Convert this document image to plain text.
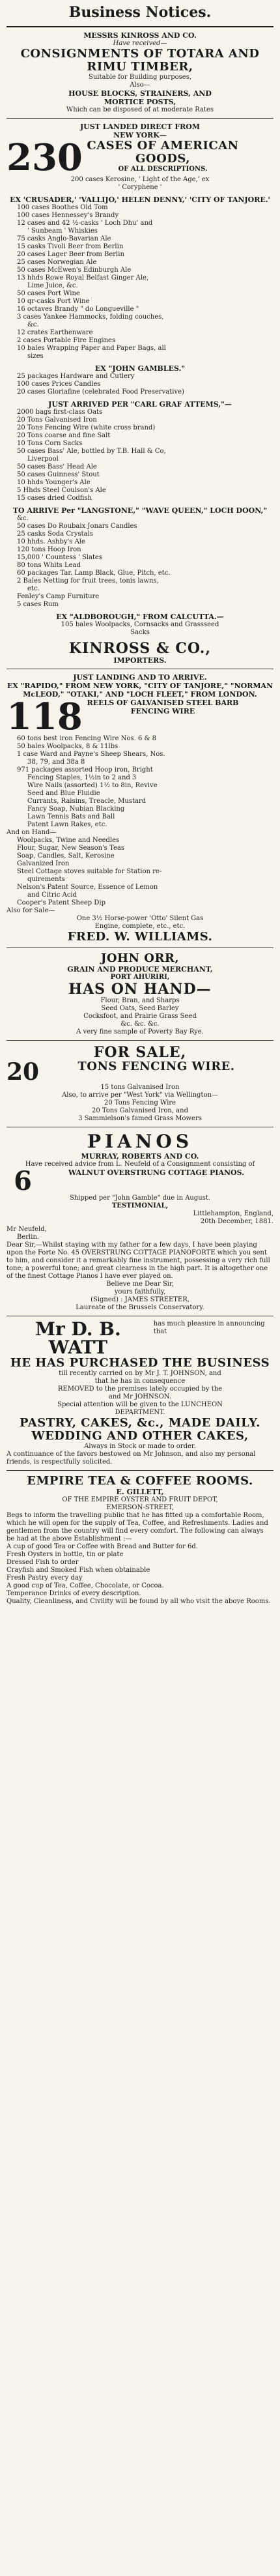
Business Notices.
MESSRS KINROSS AND CO.
Have received—
CONSIGNMENTS OF TOTARA AND
RIMU TIMBER,
Suitable for Building purposes,
Also—
HOUSE BLOCKS, STRAINERS, AND
MORTICE POSTS,
Which can be disposed of at moderate Rates
JUST LANDED DIRECT FROM
NEW YORK—
230 CASES OF AMERICAN
GOODS,
OF ALL DESCRIPTIONS.
200 cases Kerosine, ' Light of the Age,' ex
' Coryphene '
EX 'CRUSADER,' 'VALLIJO,' HELEN DENNY,' 'CITY OF TANJORE.'
100 cases Boothes Old Tom
100 cases Hennessey's Brandy
12 cases and 42 ½-casks ' Loch Dhu' and
' Sunbeam ' Whiskies
75 casks Anglo-Bavarian Ale
15 casks Tivoli Beer from Berlin
20 cases Lager Beer from Berlin
25 cases Norwegian Ale
50 cases McEwen's Edinburgh Ale
13 hhds Rowe Royal Belfast Ginger Ale,
Lime Juice, &c.
50 cases Port Wine
10 qr-casks Port Wine
16 octaves Brandy " do Longueville "
3 cases Yankee Hammocks, folding couches,
&c.
12 crates Earthenware
2 cases Portable Fire Engines
10 bales Wrapping Paper and Paper Bags, all
sizes
EX "JOHN GAMBLES."
25 packages Hardware and Cutlery
100 cases Prices Candles
20 cases Gloriafine (celebrated Food Preservative)
JUST ARRIVED PER "CARL GRAF ATTEMS,"—
2000 bags first-class Oats
20 Tons Galvanised Iron
20 Tons Fencing Wire (white cross brand)
20 Tons coarse and fine Salt
10 Tons Corn Sacks
50 cases Bass' Ale, bottled by T.B. Hall & Co,
Liverpool
50 cases Bass' Head Ale
50 cases Guinness' Stout
10 hhds Younger's Ale
5 Hhds Steel Coulson's Ale
15 cases dried Codfish
TO ARRIVE Per "LANGSTONE," "WAVE QUEEN," LOCH DOON,"
&c.
50 cases Do Roubaix Jonars Candles
25 casks Soda Crystals
10 hhds. Ashby's Ale
120 tons Hoop Iron
15,000 ' Countess ' Slates
80 tons Whits Lead
60 packages Tar. Lamp Black, Glue, Pitch, etc.
2 Bales Netting for fruit trees, tonis lawns,
etc.
Fenley's Camp Furniture
5 cases Rum
EX "ALDBOROUGH," FROM CALCUTTA.—
105 bales Woolpacks, Cornsacks and Grassseed
Sacks
KINROSS & CO.,
IMPORTERS.
JUST LANDING AND TO ARRIVE.
EX "RAPIDO," FROM NEW YORK, "CITY OF TANJORE," "NORMAN McLEOD," "OTAKI," AND "LOCH FLEET," FROM LONDON.
118 REELS OF GALVANISED STEEL BARB
FENCING WIRE
60 tons best iron Fencing Wire Nos. 6 & 8
50 bales Woolpacks, 8 & 11lbs
1 case Ward and Payne's Sheep Shears, Nos.
38, 79, and 38a 8
971 packages assorted Hoop iron, Bright
Fencing Staples, 1½in to 2 and 3
Wire Nails (assorted) 1½ to 8in, Revive
Seed and Blue Fluidie
Currants, Raisins, Treacle, Mustard
Fancy Soap, Nubian Blacking
Lawn Tennis Bats and Ball
Patent Lawn Rakes, etc.
And on Hand—
Woolpacks, Twine and Needles
Flour, Sugar, New Season's Teas
Soap, Candles, Salt, Kerosine
Galvanized Iron
Steel Cottage stoves suitable for Station re-
quirements
Nelson's Patent Source, Essence of Lemon
and Citric Acid
Cooper's Patent Sheep Dip
Also for Sale—
One 3½ Horse-power 'Otto' Silent Gas
Engine, complete, etc., etc.
FRED. W. WILLIAMS.
JOHN ORR,
GRAIN AND PRODUCE MERCHANT,
PORT AHURIRI,
HAS ON HAND—
Flour, Bran, and Sharps
Seed Oats, Seed Barley
Cocksfoot, and Prairie Grass Seed
&c. &c. &c.
A very fine sample of Poverty Bay Rye.
FOR SALE,
20	TONS FENCING WIRE.
15 tons Galvanised Iron
Also, to arrive per "West York" via Wellington—
20 Tons Fencing Wire
20 Tons Galvanised Iron, and
3 Sammielson's famed Grass Mowers
PIANOS
MURRAY, ROBERTS AND CO.
Have received advice from L. Neufeld of a Consignment consisting of
6	WALNUT OVERSTRUNG COTTAGE PIANOS.
Shipped per "John Gamble" due in August.
TESTIMONIAL,
Littlehampton, England,
20th December, 1881.
Mr Neufeld,
Berlin.
Dear Sir,—Whilst staying with my father for a few days, I have been playing upon the Forte No. 45 OVERSTRUNG COTTAGE PIANOFORTE which you sent to him, and consider it a remarkably fine instrument, possessing a very rich full tone; a powerful tone; and great clearness in the high part. It is altogether one of the finest Cottage Pianos I have ever played on.
Believe me Dear Sir,
yours faithfully,
(Signed) : JAMES STREETER,
Laureate of the Brussels Conservatory.
Mr D. B. WATT
has much pleasure in announcing that
HE HAS PURCHASED THE BUSINESS
till recently carried on by Mr J. T. JOHNSON, and
that he has in consequence
REMOVED to the premises lately occupied by the
and Mr JOHNSON.
Special attention will be given to the LUNCHEON
DEPARTMENT.
PASTRY, CAKES, &c., MADE DAILY.
WEDDING AND OTHER CAKES,
Always in Stock or made to order.
A continuance of the favors bestowed on Mr Johnson, and also my personal friends, is respectfully solicited.
EMPIRE TEA & COFFEE ROOMS.
E. GILLETT,
OF THE EMPIRE OYSTER AND FRUIT DEPOT,
EMERSON-STREET,
Begs to inform the travelling public that he has fitted up a comfortable Room, which he will open for the supply of Tea, Coffee, and Refreshments. Ladies and gentlemen from the country will find every comfort. The following can always be had at the above Establishment :—
A cup of good Tea or Coffee with Bread and Butter for 6d.
Fresh Oysters in bottle, tin or plate
Dressed Fish to order
Crayfish and Smoked Fish when obtainable
Fresh Pastry every day
A good cup of Tea, Coffee, Chocolate, or Cocoa.
Temperance Drinks of every description.
Quality, Cleanliness, and Civility will be found by all who visit the above Rooms.
